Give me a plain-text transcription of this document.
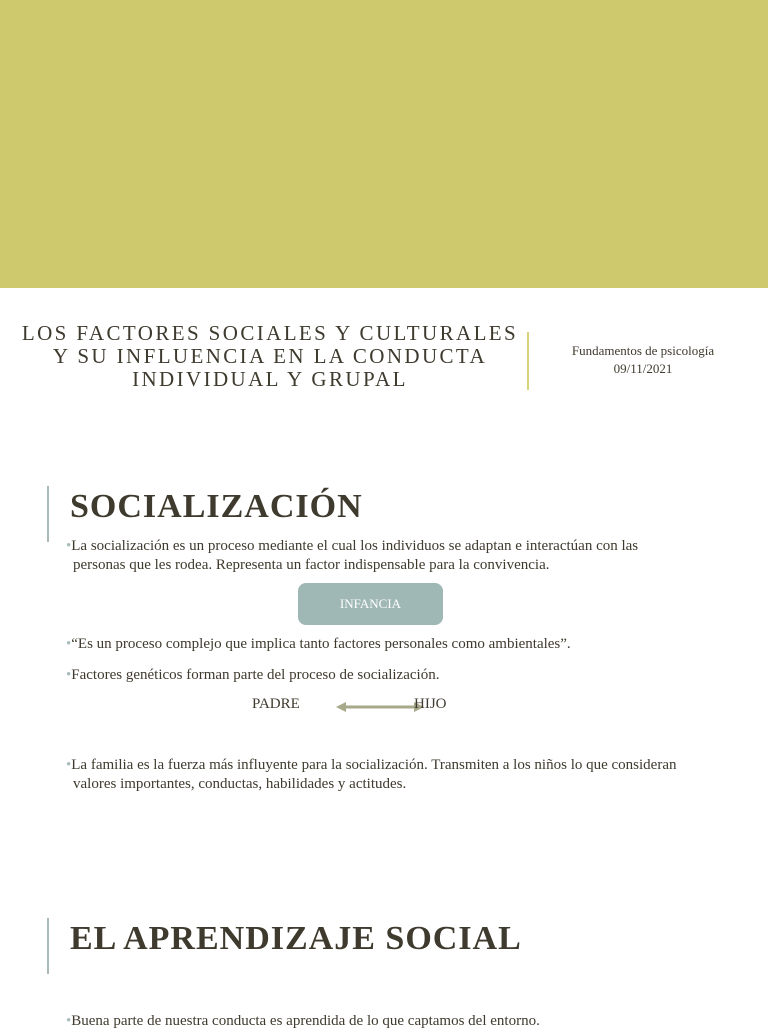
LOS FACTORES SOCIALES Y CULTURALES Y SU INFLUENCIA EN LA CONDUCTA INDIVIDUAL Y GRUPAL
Fundamentos de psicología
09/11/2021
SOCIALIZACIÓN
•La socialización es un proceso mediante el cual los individuos se adaptan e interactúan con las personas que les rodea. Representa un factor indispensable para la convivencia.
INFANCIA
•“Es un proceso complejo que implica tanto factores personales como ambientales”.
•Factores genéticos forman parte del proceso de socialización.
PADRE	HIJO
•La familia es la fuerza más influyente para la socialización. Transmiten a los niños lo que consideran valores importantes, conductas, habilidades y actitudes.
EL APRENDIZAJE SOCIAL
•Buena parte de nuestra conducta es aprendida de lo que captamos del entorno.
